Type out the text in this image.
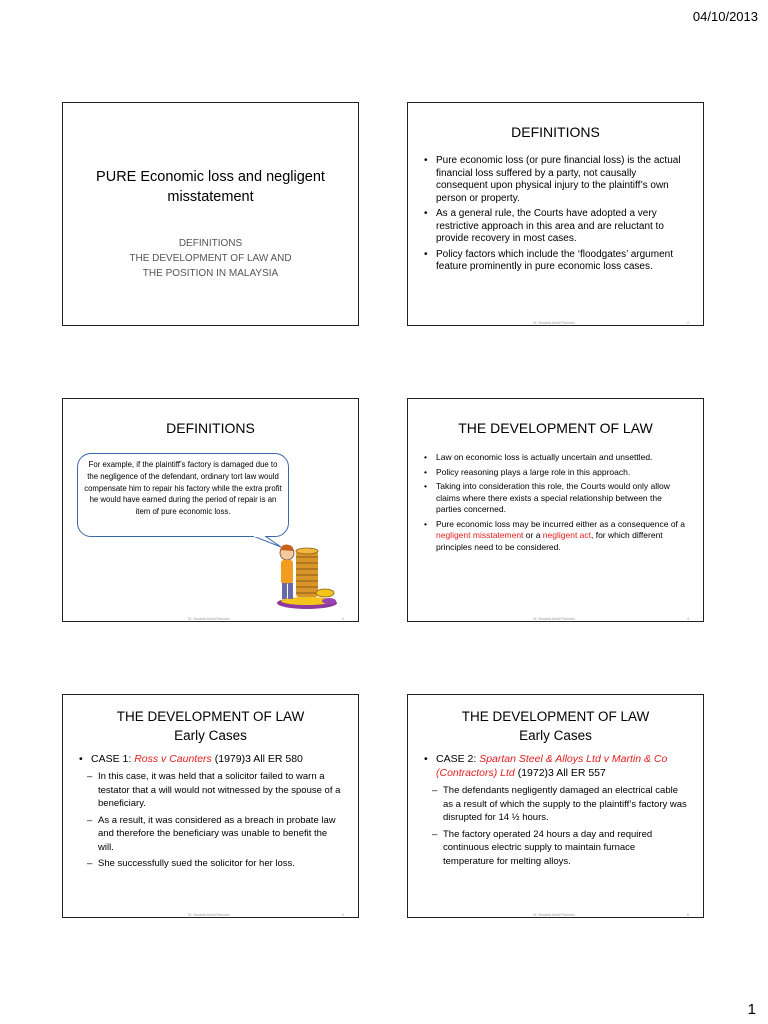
04/10/2013
PURE Economic loss and negligent misstatement
DEFINITIONS
THE DEVELOPMENT OF LAW AND
THE POSITION IN MALAYSIA
DEFINITIONS
• Pure economic loss (or pure financial loss) is the actual financial loss suffered by a party, not causally consequent upon physical injury to the plaintiff’s own person or property.
• As a general rule, the Courts have adopted a very restrictive approach in this area and are reluctant to provide recovery in most cases.
• Policy factors which include the ‘floodgates’ argument feature prominently in pure economic loss cases.
Dr. Noraida Abdul Rahman	2
DEFINITIONS
For example, if the plaintiff’s factory is damaged due to the negligence of the defendant, ordinary tort law would compensate him to repair his factory while the extra profit he would have earned during the period of repair is an item of pure economic loss.
Dr. Noraida Abdul Rahman	3
THE DEVELOPMENT OF LAW
• Law on economic loss is actually uncertain and unsettled.
• Policy reasoning plays a large role in this approach.
• Taking into consideration this role, the Courts would only allow claims where there exists a special relationship between the parties concerned.
• Pure economic loss may be incurred either as a consequence of a negligent misstatement or a negligent act, for which different principles need to be considered.
Dr. Noraida Abdul Rahman	4
THE DEVELOPMENT OF LAW
Early Cases
• CASE 1: Ross v Caunters (1979)3 All ER 580
– In this case, it was held that a solicitor failed to warn a testator that a will would not witnessed by the spouse of a beneficiary.
– As a result, it was considered as a breach in probate law and therefore the beneficiary was unable to benefit the will.
– She successfully sued the solicitor for her loss.
Dr. Noraida Abdul Rahman	5
THE DEVELOPMENT OF LAW
Early Cases
• CASE 2: Spartan Steel & Alloys Ltd v Martin & Co (Contractors) Ltd (1972)3 All ER 557
– The defendants negligently damaged an electrical cable as a result of which the supply to the plaintiff’s factory was disrupted for 14 ½ hours.
– The factory operated 24 hours a day and required continuous electric supply to maintain furnace temperature for melting alloys.
Dr. Noraida Abdul Rahman	6
1
